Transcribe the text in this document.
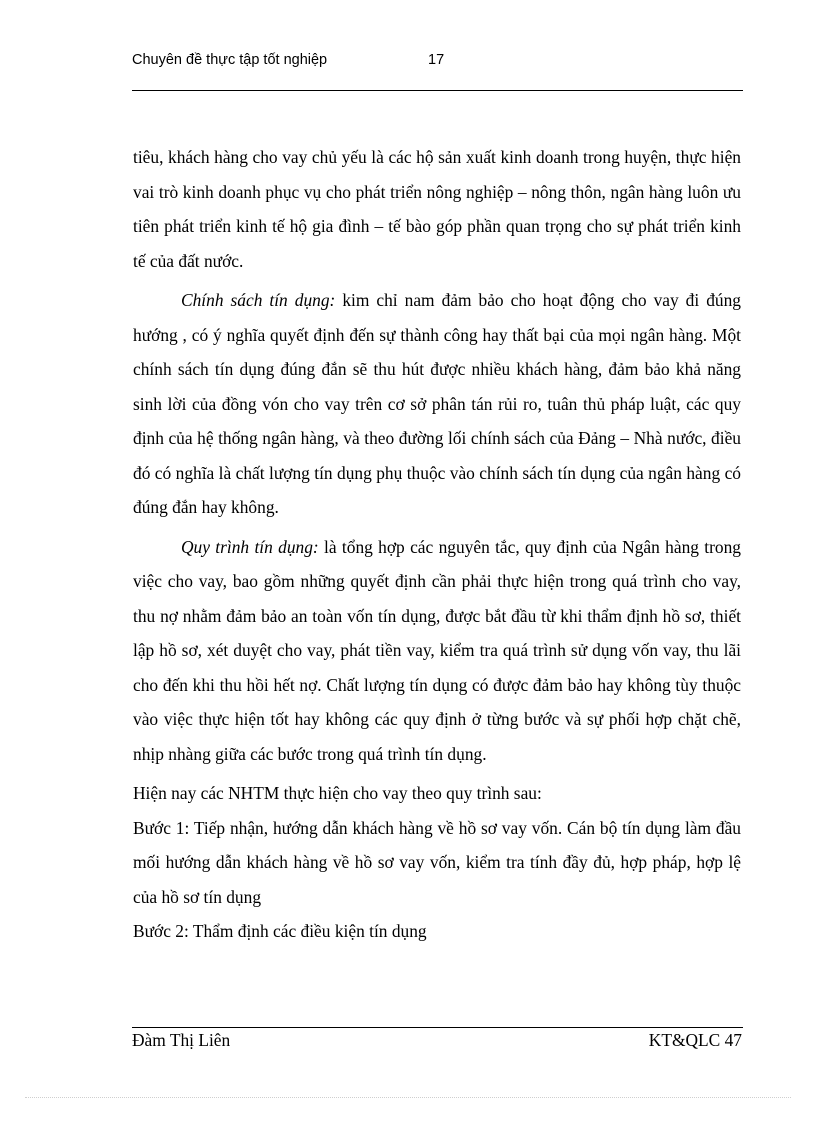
Chuyên đề thực tập tốt nghiệp	17

tiêu, khách hàng cho vay chủ yếu là các hộ sản xuất kinh doanh trong huyện, thực hiện vai trò kinh doanh phục vụ cho phát triển nông nghiệp – nông thôn, ngân hàng luôn ưu tiên phát triển kinh tế hộ gia đình – tế bào góp phần quan trọng cho sự phát triển kinh tế của đất nước.

Chính sách tín dụng: kim chỉ nam đảm bảo cho hoạt động cho vay đi đúng hướng , có ý nghĩa quyết định đến sự thành công hay thất bại của mọi ngân hàng. Một chính sách tín dụng đúng đắn sẽ thu hút được nhiều khách hàng, đảm bảo khả năng sinh lời của đồng vón cho vay trên cơ sở phân tán rủi ro, tuân thủ pháp luật, các quy định của hệ thống ngân hàng, và theo đường lối chính sách của Đảng – Nhà nước, điều đó có nghĩa là chất lượng tín dụng phụ thuộc vào chính sách tín dụng của ngân hàng có đúng đắn hay không.

Quy trình tín dụng: là tổng hợp các nguyên tắc, quy định của Ngân hàng trong việc cho vay, bao gồm những quyết định cần phải thực hiện trong quá trình cho vay, thu nợ nhằm đảm bảo an toàn vốn tín dụng, được bắt đầu từ khi thẩm định hồ sơ, thiết lập hồ sơ, xét duyệt cho vay, phát tiền vay, kiểm tra quá trình sử dụng vốn vay, thu lãi cho đến khi thu hồi hết nợ. Chất lượng tín dụng có được đảm bảo hay không tùy thuộc vào việc thực hiện tốt hay không các quy định ở từng bước và sự phối hợp chặt chẽ, nhịp nhàng giữa các bước trong quá trình tín dụng.

Hiện nay các NHTM thực hiện cho vay theo quy trình sau:

Bước 1: Tiếp nhận, hướng dẫn khách hàng về hồ sơ vay vốn. Cán bộ tín dụng làm đầu mối hướng dẫn khách hàng về hồ sơ vay vốn, kiểm tra tính đầy đủ, hợp pháp, hợp lệ của hồ sơ tín dụng

Bước 2: Thẩm định các điều kiện tín dụng

Đàm Thị Liên	KT&QLC 47
